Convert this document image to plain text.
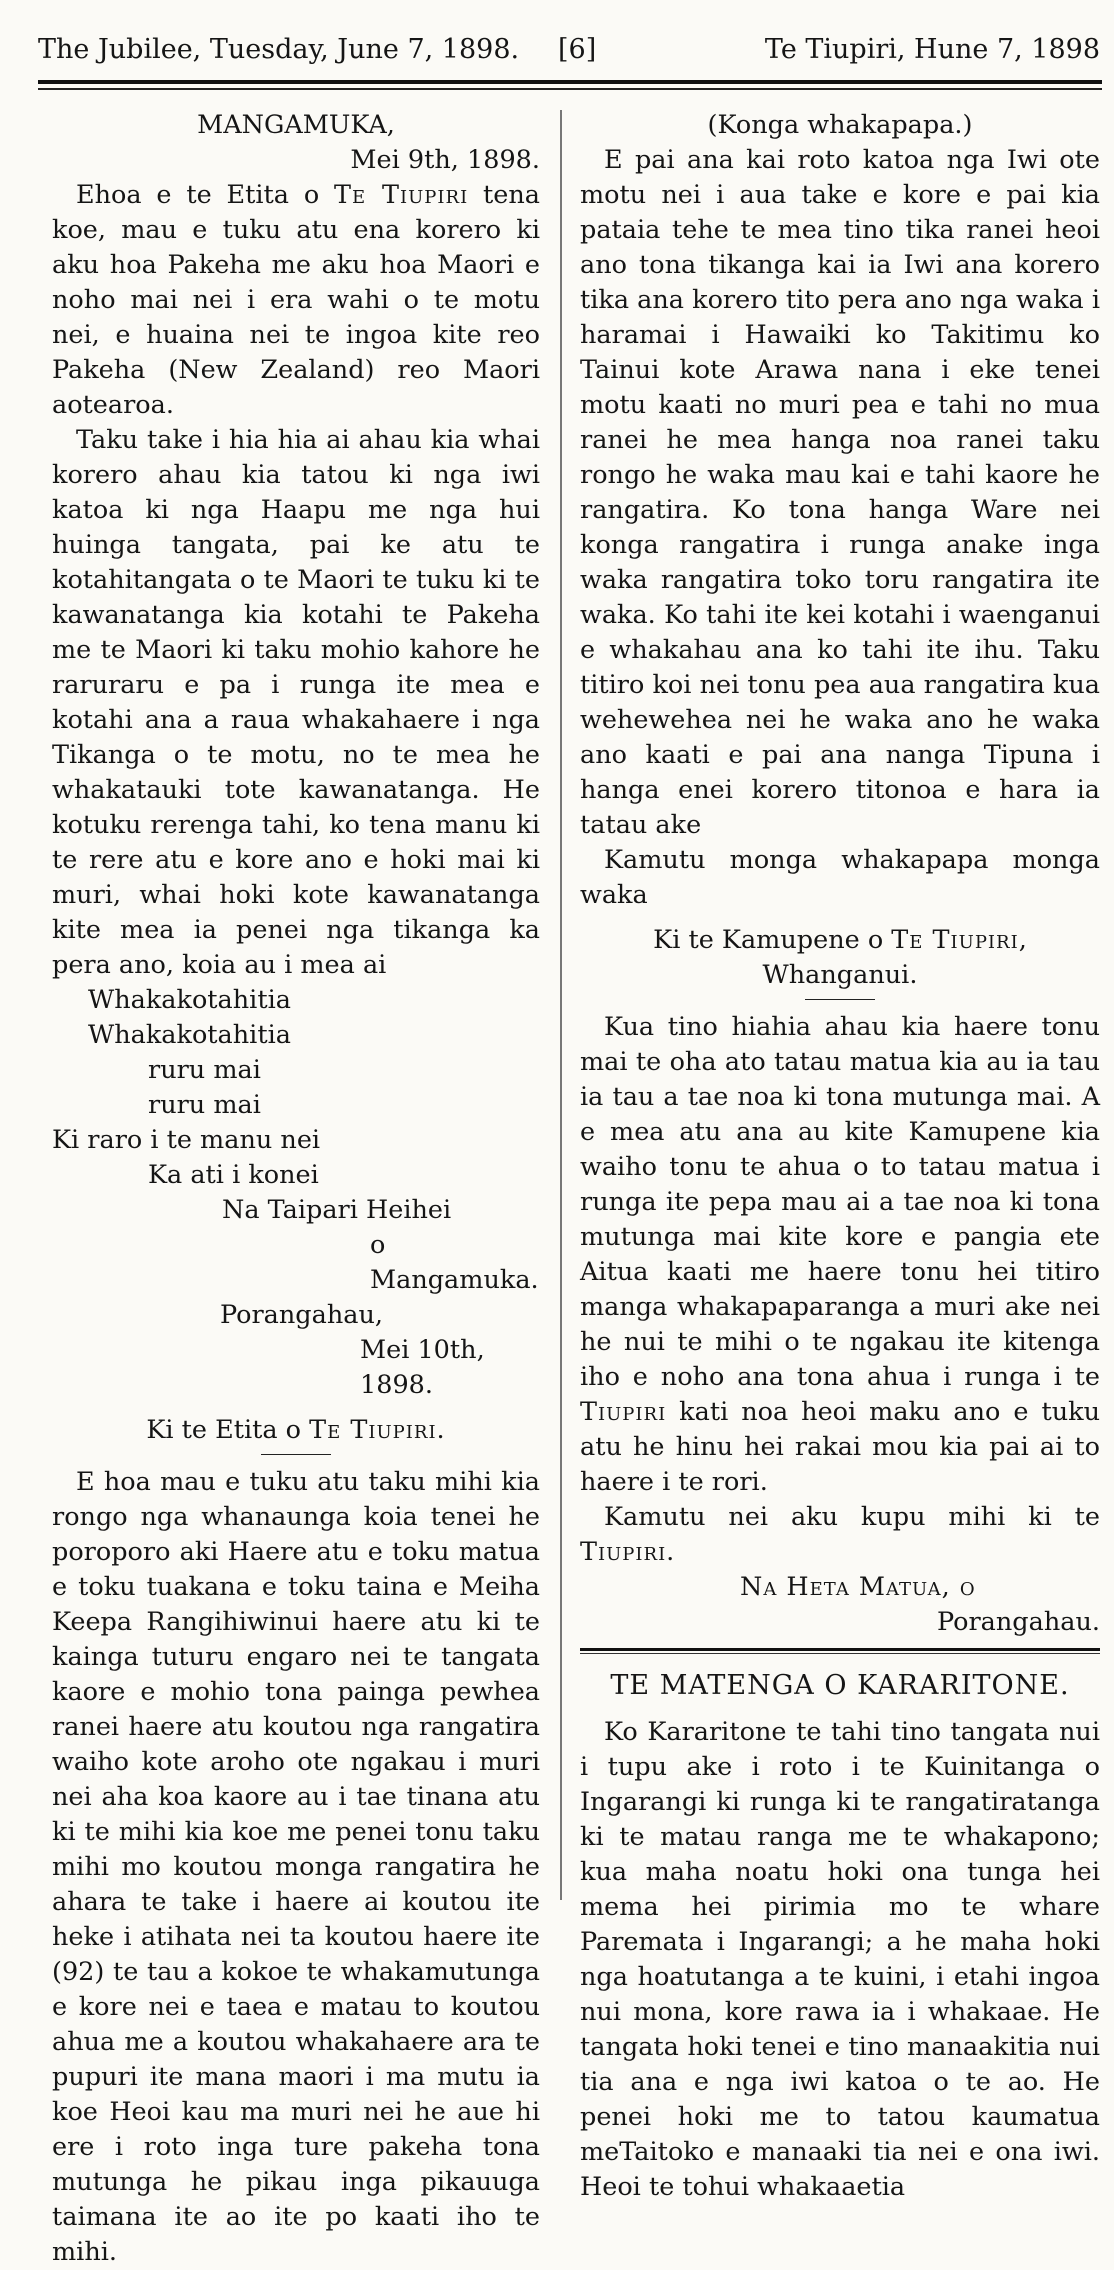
The Jubilee, Tuesday, June 7, 1898. [6]	Te Tiupiri, Hune 7, 1898

MANGAMUKA,

Mei 9th, 1898.

Ehoa e te Etita o Te Tiupiri tena koe, mau e tuku atu ena korero ki aku hoa Pakeha me aku hoa Maori e noho mai nei i era wahi o te motu nei, e huaina nei te ingoa kite reo Pakeha (New Zealand) reo Maori aotearoa.

Taku take i hia hia ai ahau kia whai korero ahau kia tatou ki nga iwi katoa ki nga Haapu me nga hui huinga tangata, pai ke atu te kotahitangata o te Maori te tuku ki te kawanatanga kia kotahi te Pakeha me te Maori ki taku mohio kahore he raruraru e pa i runga ite mea e kotahi ana a raua whakahaere i nga Tikanga o te motu, no te mea he whakatauki tote kawanatanga. He kotuku rerenga tahi, ko tena manu ki te rere atu e kore ano e hoki mai ki muri, whai hoki kote kawanatanga kite mea ia penei nga tikanga ka pera ano, koia au i mea ai

Whakakotahitia

Whakakotahitia

ruru mai

ruru mai

Ki raro i te manu nei

Ka ati i konei

Na Taipari Heihei

o Mangamuka.

Porangahau,

Mei 10th, 1898.

Ki te Etita o Te Tiupiri.

E hoa mau e tuku atu taku mihi kia rongo nga whanaunga koia tenei he poroporo aki Haere atu e toku matua e toku tuakana e toku taina e Meiha Keepa Rangihiwinui haere atu ki te kainga tuturu engaro nei te tangata kaore e mohio tona painga pewhea ranei haere atu koutou nga rangatira waiho kote aroho ote ngakau i muri nei aha koa kaore au i tae tinana atu ki te mihi kia koe me penei tonu taku mihi mo koutou monga rangatira he ahara te take i haere ai koutou ite heke i atihata nei ta koutou haere ite (92) te tau a kokoe te whakamutunga e kore nei e taea e matau to koutou ahua me a koutou whakahaere ara te pupuri ite mana maori i ma mutu ia koe Heoi kau ma muri nei he aue hi ere i roto inga ture pakeha tona mutunga he pikau inga pikauuga taimana ite ao ite po kaati iho te mihi.

(Konga whakapapa.)

E pai ana kai roto katoa nga Iwi ote motu nei i aua take e kore e pai kia pataia tehe te mea tino tika ranei heoi ano tona tikanga kai ia Iwi ana korero tika ana korero tito pera ano nga waka i haramai i Hawaiki ko Takitimu ko Tainui kote Arawa nana i eke tenei motu kaati no muri pea e tahi no mua ranei he mea hanga noa ranei taku rongo he waka mau kai e tahi kaore he rangatira. Ko tona hanga Ware nei konga rangatira i runga anake inga waka rangatira toko toru rangatira ite waka. Ko tahi ite kei kotahi i waenganui e whakahau ana ko tahi ite ihu. Taku titiro koi nei tonu pea aua rangatira kua wehewehea nei he waka ano he waka ano kaati e pai ana nanga Tipuna i hanga enei korero titonoa e hara ia tatau ake

Kamutu monga whakapapa monga waka

Ki te Kamupene o Te Tiupiri, Whanganui.

Kua tino hiahia ahau kia haere tonu mai te oha ato tatau matua kia au ia tau ia tau a tae noa ki tona mutunga mai. A e mea atu ana au kite Kamupene kia waiho tonu te ahua o to tatau matua i runga ite pepa mau ai a tae noa ki tona mutunga mai kite kore e pangia ete Aitua kaati me haere tonu hei titiro manga whakapaparanga a muri ake nei he nui te mihi o te ngakau ite kitenga iho e noho ana tona ahua i runga i te Tiupiri kati noa heoi maku ano e tuku atu he hinu hei rakai mou kia pai ai to haere i te rori.

Kamutu nei aku kupu mihi ki te Tiupiri.

Na Heta Matua, o

Porangahau.

TE MATENGA O KARARITONE.

Ko Kararitone te tahi tino tangata nui i tupu ake i roto i te Kuinitanga o Ingarangi ki runga ki te rangatiratanga ki te matau ranga me te whakapono; kua maha noatu hoki ona tunga hei mema hei pirimia mo te whare Paremata i Ingarangi; a he maha hoki nga hoatutanga a te kuini, i etahi ingoa nui mona, kore rawa ia i whakaae. He tangata hoki tenei e tino manaakitia nui tia ana e nga iwi katoa o te ao. He penei hoki me to tatou kaumatua meTaitoko e manaaki tia nei e ona iwi. Heoi te tohui whakaaetia
